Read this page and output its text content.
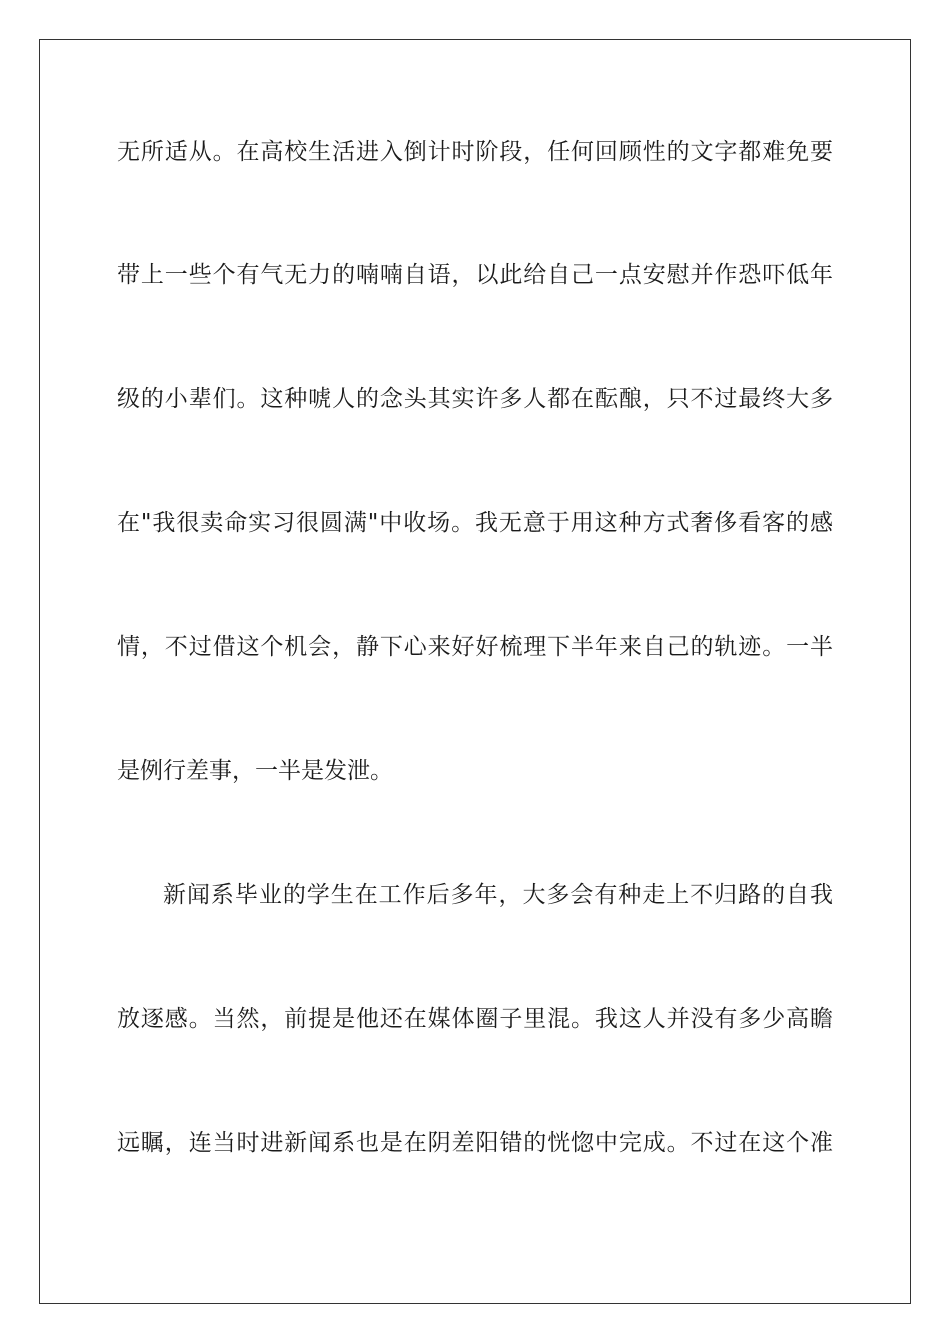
无所适从。在高校生活进入倒计时阶段，任何回顾性的文字都难免要
带上一些个有气无力的喃喃自语，以此给自己一点安慰并作恐吓低年
级的小辈们。这种唬人的念头其实许多人都在酝酿，只不过最终大多
在"我很卖命实习很圆满"中收场。我无意于用这种方式奢侈看客的感
情，不过借这个机会，静下心来好好梳理下半年来自己的轨迹。一半
是例行差事，一半是发泄。
新闻系毕业的学生在工作后多年，大多会有种走上不归路的自我
放逐感。当然，前提是他还在媒体圈子里混。我这人并没有多少高瞻
远瞩，连当时进新闻系也是在阴差阳错的恍惚中完成。不过在这个准
